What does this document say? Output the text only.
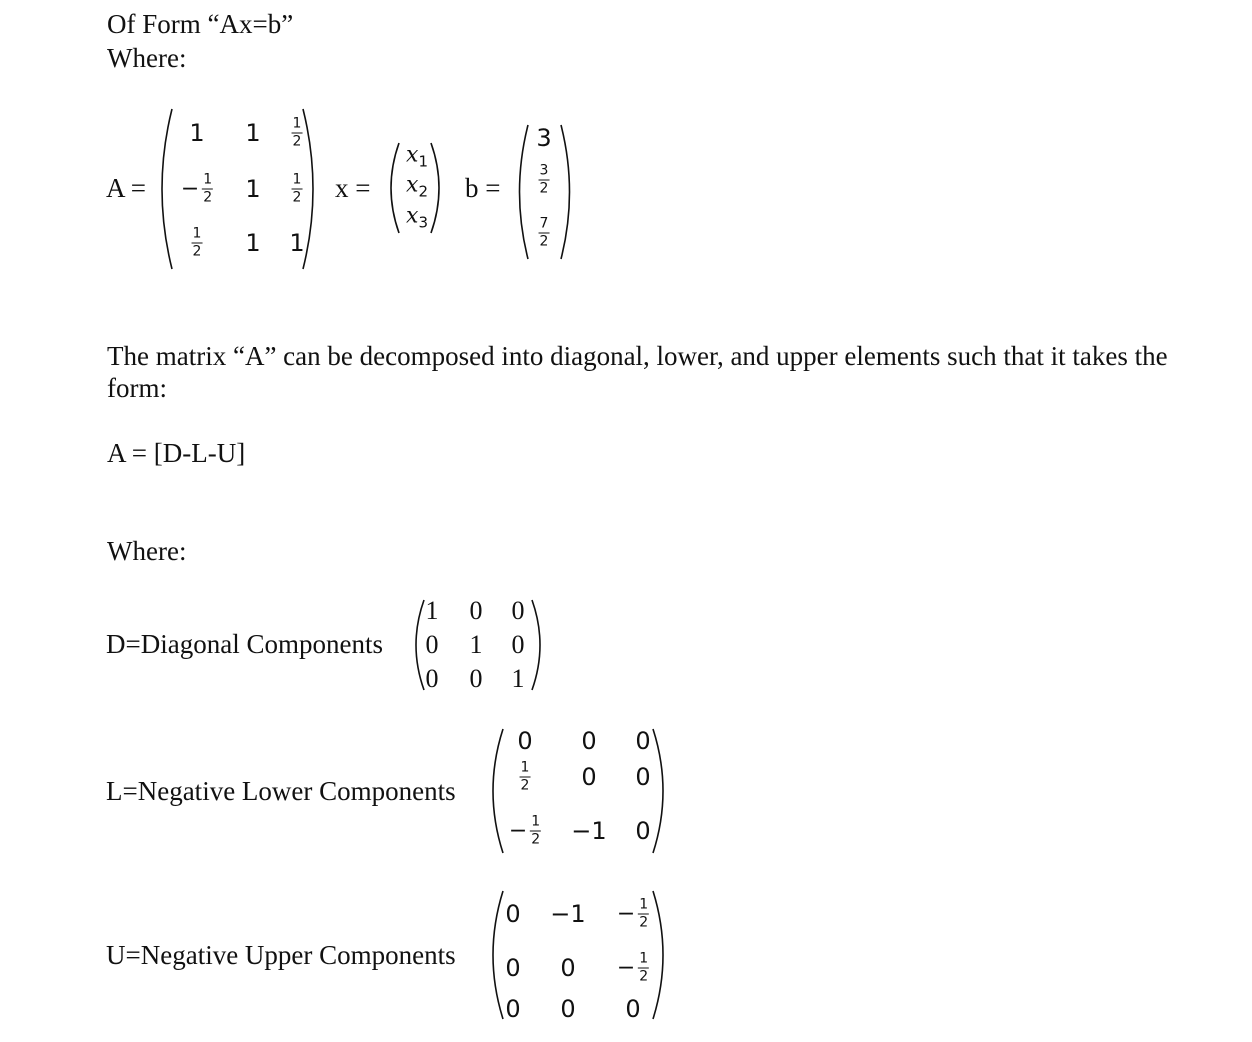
Of Form “Ax=b”
Where:
A =	x =	b =
1 $1 \frac{1}{2}$
− $\frac{1}{2} 1 \frac{1}{2}$
$\frac{1}{2} 1$ 1
$x_1$
$x_2$
$x_3$
3
$\frac{3}{2}$
$\frac{7}{2}$
The matrix “A” can be decomposed into diagonal, lower, and upper elements such that it takes the form:
A = [D-L-U]
Where:
D=Diagonal Components
1 0 0
0 1 0
0 0 1
L=Negative Lower Components
0 0 0
$\frac{1}{2} 0$ 0
− $\frac{1}{2} -1$ 0
U=Negative Upper Components
$0 -1 - \frac{1}{2}$
0 $0 - \frac{1}{2}$
0 0 0
